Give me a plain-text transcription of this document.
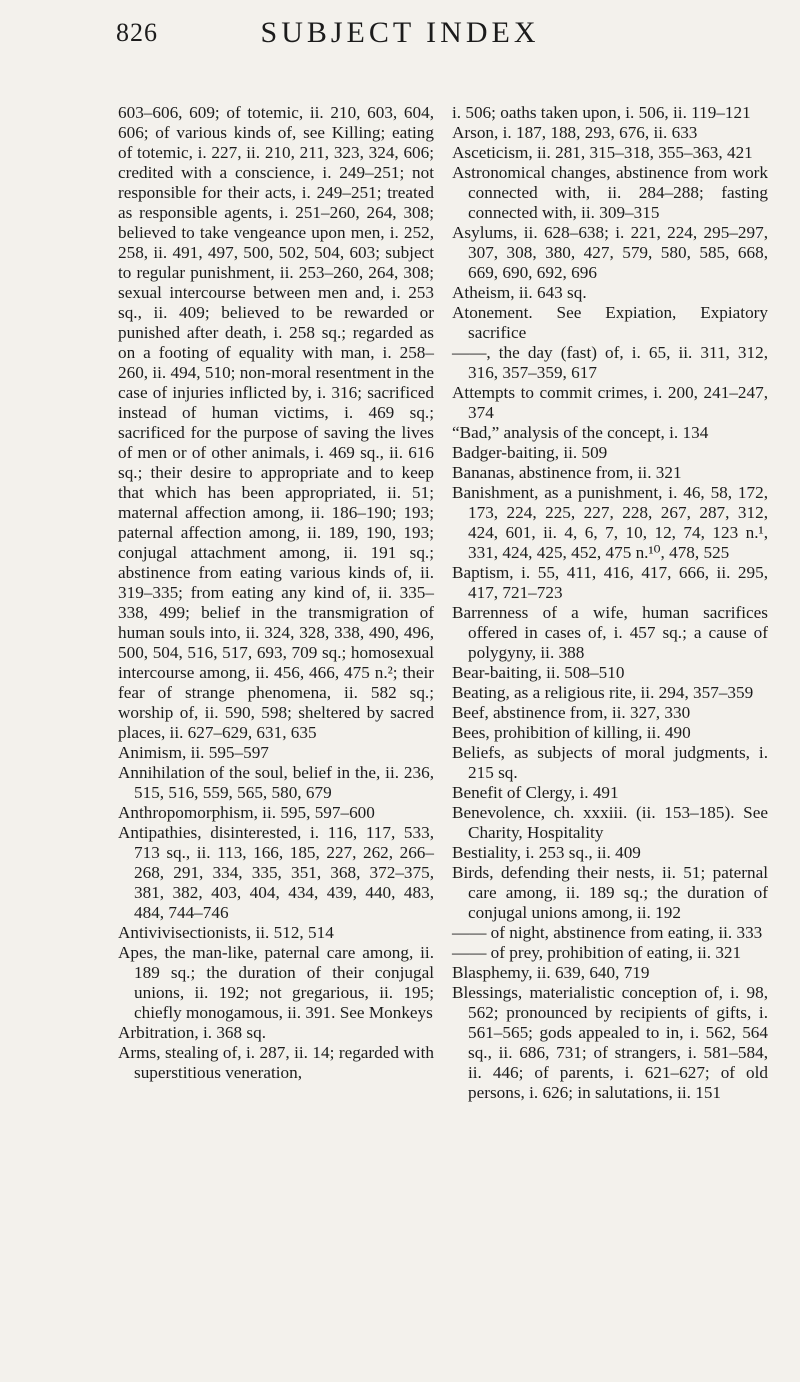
826	SUBJECT INDEX

603–606, 609; of totemic, ii. 210, 603, 604, 606; of various kinds of, see Killing; eating of totemic, i. 227, ii. 210, 211, 323, 324, 606; credited with a conscience, i. 249–251; not responsible for their acts, i. 249–251; treated as responsible agents, i. 251–260, 264, 308; believed to take vengeance upon men, i. 252, 258, ii. 491, 497, 500, 502, 504, 603; subject to regular punishment, ii. 253–260, 264, 308; sexual intercourse between men and, i. 253 sq., ii. 409; believed to be rewarded or punished after death, i. 258 sq.; regarded as on a footing of equality with man, i. 258–260, ii. 494, 510; non-moral resentment in the case of injuries inflicted by, i. 316; sacrificed instead of human victims, i. 469 sq.; sacrificed for the purpose of saving the lives of men or of other animals, i. 469 sq., ii. 616 sq.; their desire to appropriate and to keep that which has been appropriated, ii. 51; maternal affection among, ii. 186–190; 193; paternal affection among, ii. 189, 190, 193; conjugal attachment among, ii. 191 sq.; abstinence from eating various kinds of, ii. 319–335; from eating any kind of, ii. 335–338, 499; belief in the transmigration of human souls into, ii. 324, 328, 338, 490, 496, 500, 504, 516, 517, 693, 709 sq.; homosexual intercourse among, ii. 456, 466, 475 n.²; their fear of strange phenomena, ii. 582 sq.; worship of, ii. 590, 598; sheltered by sacred places, ii. 627–629, 631, 635

Animism, ii. 595–597

Annihilation of the soul, belief in the, ii. 236, 515, 516, 559, 565, 580, 679

Anthropomorphism, ii. 595, 597–600

Antipathies, disinterested, i. 116, 117, 533, 713 sq., ii. 113, 166, 185, 227, 262, 266–268, 291, 334, 335, 351, 368, 372–375, 381, 382, 403, 404, 434, 439, 440, 483, 484, 744–746

Antivivisectionists, ii. 512, 514

Apes, the man-like, paternal care among, ii. 189 sq.; the duration of their conjugal unions, ii. 192; not gregarious, ii. 195; chiefly monogamous, ii. 391. See Monkeys

Arbitration, i. 368 sq.

Arms, stealing of, i. 287, ii. 14; regarded with superstitious veneration,

i. 506; oaths taken upon, i. 506, ii. 119–121

Arson, i. 187, 188, 293, 676, ii. 633

Asceticism, ii. 281, 315–318, 355–363, 421

Astronomical changes, abstinence from work connected with, ii. 284–288; fasting connected with, ii. 309–315

Asylums, ii. 628–638; i. 221, 224, 295–297, 307, 308, 380, 427, 579, 580, 585, 668, 669, 690, 692, 696

Atheism, ii. 643 sq.

Atonement. See Expiation, Expiatory sacrifice

——, the day (fast) of, i. 65, ii. 311, 312, 316, 357–359, 617

Attempts to commit crimes, i. 200, 241–247, 374

“Bad,” analysis of the concept, i. 134

Badger-baiting, ii. 509

Bananas, abstinence from, ii. 321

Banishment, as a punishment, i. 46, 58, 172, 173, 224, 225, 227, 228, 267, 287, 312, 424, 601, ii. 4, 6, 7, 10, 12, 74, 123 n.¹, 331, 424, 425, 452, 475 n.¹⁰, 478, 525

Baptism, i. 55, 411, 416, 417, 666, ii. 295, 417, 721–723

Barrenness of a wife, human sacrifices offered in cases of, i. 457 sq.; a cause of polygyny, ii. 388

Bear-baiting, ii. 508–510

Beating, as a religious rite, ii. 294, 357–359

Beef, abstinence from, ii. 327, 330

Bees, prohibition of killing, ii. 490

Beliefs, as subjects of moral judgments, i. 215 sq.

Benefit of Clergy, i. 491

Benevolence, ch. xxxiii. (ii. 153–185). See Charity, Hospitality

Bestiality, i. 253 sq., ii. 409

Birds, defending their nests, ii. 51; paternal care among, ii. 189 sq.; the duration of conjugal unions among, ii. 192

—— of night, abstinence from eating, ii. 333

—— of prey, prohibition of eating, ii. 321

Blasphemy, ii. 639, 640, 719

Blessings, materialistic conception of, i. 98, 562; pronounced by recipients of gifts, i. 561–565; gods appealed to in, i. 562, 564 sq., ii. 686, 731; of strangers, i. 581–584, ii. 446; of parents, i. 621–627; of old persons, i. 626; in salutations, ii. 151
